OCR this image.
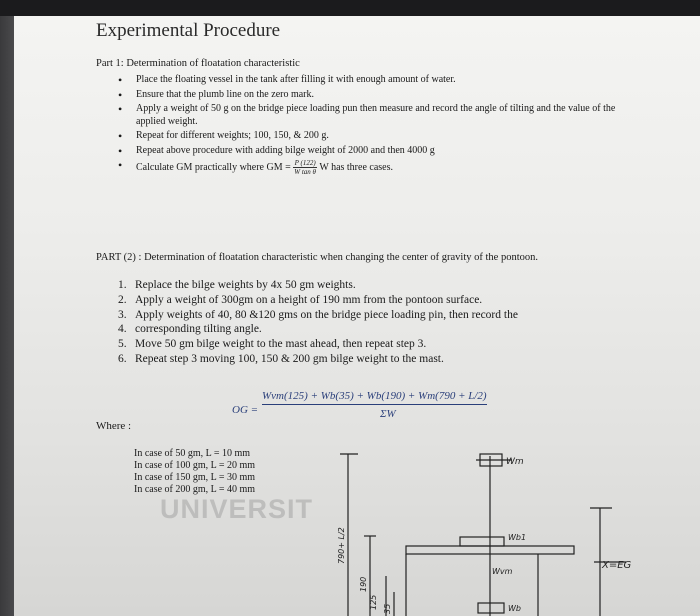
Experimental Procedure
Part 1: Determination of floatation characteristic
• Place the floating vessel in the tank after filling it with enough amount of water.
• Ensure that the plumb line on the zero mark.
• Apply a weight of 50 g on the bridge piece loading pun then measure and record the angle of tilting and the value of the applied weight.
• Repeat for different weights; 100, 150, & 200 g.
• Repeat above procedure with adding bilge weight of 2000 and then 4000 g
• Calculate GM practically where GM = $\frac{P (122)}{\text{W tan θ}}$ W has three cases.
PART (2) : Determination of floatation characteristic when changing the center of gravity of the pontoon.
1. Replace the bilge weights by 4x 50 gm weights.
2. Apply a weight of 300gm on a height of 190 mm from the pontoon surface.
3. Apply weights of 40, 80 &120 gms on the bridge piece loading pin, then record the
4. corresponding tilting angle.
5. Move 50 gm bilge weight to the mast ahead, then repeat step 3.
6. Repeat step 3 moving 100, 150 & 200 gm bilge weight to the mast.
OG =
Wvm(125) + Wb(35) + Wb(190) + Wm(790 + L/2)
ΣW
Where :
In case of 50 gm, L = 10 mm
In case of 100 gm, L = 20 mm
In case of 150 gm, L = 30 mm
In case of 200 gm, L = 40 mm
UNIVERSIT
Wm
Wb1
Wvm
Wb
X=EG
790+ L/2
190
125 35
